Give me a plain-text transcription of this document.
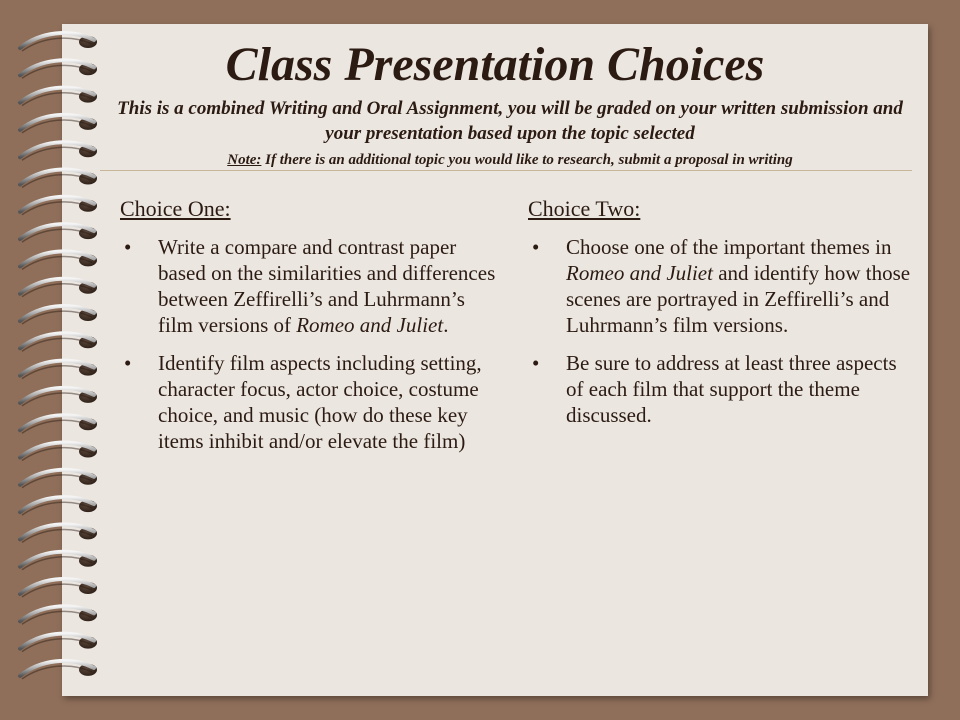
Class Presentation Choices
This is a combined Writing and Oral Assignment, you will be graded on your written submission and your presentation based upon the topic selected
Note: If there is an additional topic you would like to research, submit a proposal in writing
Choice One:
• Write a compare and contrast paper based on the similarities and differences between Zeffirelli’s and Luhrmann’s film versions of Romeo and Juliet.
• Identify film aspects including setting, character focus, actor choice, costume choice, and music (how do these key items inhibit and/or elevate the film)
Choice Two:
• Choose one of the important themes in Romeo and Juliet and identify how those scenes are portrayed in Zeffirelli’s and Luhrmann’s film versions.
• Be sure to address at least three aspects of each film that support the theme discussed.
